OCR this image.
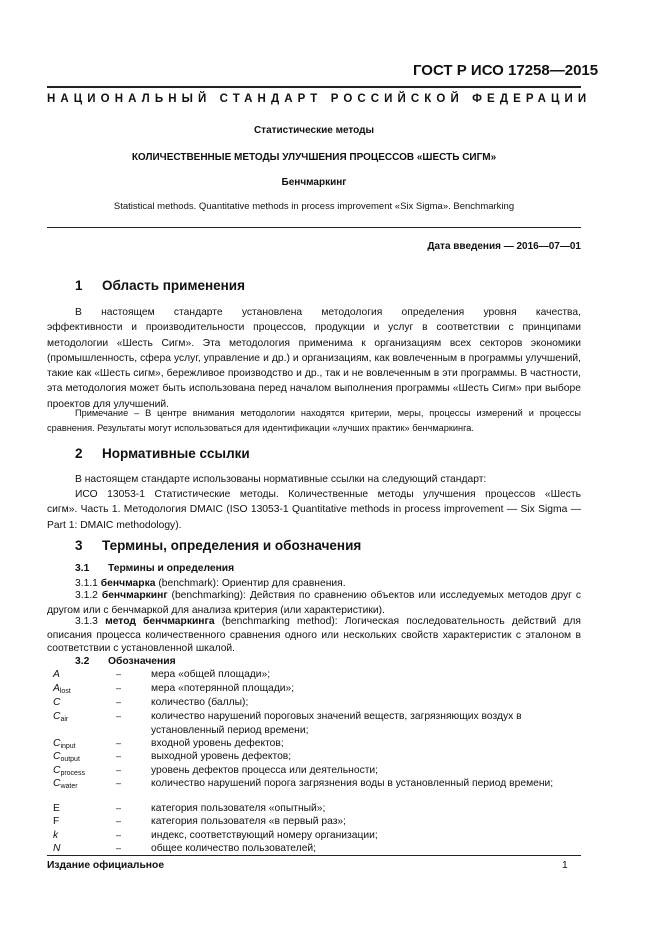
ГОСТ Р ИСО 17258—2015
НАЦИОНАЛЬНЫЙ СТАНДАРТ РОССИЙСКОЙ ФЕДЕРАЦИИ
Статистические методы
КОЛИЧЕСТВЕННЫЕ МЕТОДЫ УЛУЧШЕНИЯ ПРОЦЕССОВ «ШЕСТЬ СИГМ»
Бенчмаркинг
Statistical methods. Quantitative methods in process improvement «Six Sigma». Benchmarking
Дата введения — 2016—07—01
1 Область применения
В настоящем стандарте установлена методология определения уровня качества,
эффективности и производительности процессов, продукции и услуг в соответствии с принципами методологии «Шесть Сигм». Эта методология применима к организациям всех секторов экономики (промышленность, сфера услуг, управление и др.) и организациям, как вовлеченным в программы улучшений, такие как «Шесть сигм», бережливое производство и др., так и не вовлеченным в эти программы. В частности, эта методология может быть использована перед началом выполнения программы «Шесть Сигм» при выборе проектов для улучшений.
Примечание – В центре внимания методологии находятся критерии, меры, процессы измерений и процессы сравнения. Результаты могут использоваться для идентификации «лучших практик» бенчмаркинга.
2 Нормативные ссылки
В настоящем стандарте использованы нормативные ссылки на следующий стандарт:
ИСО 13053-1 Статистические методы. Количественные методы улучшения процессов «Шесть
сигм». Часть 1. Методология DMAIC (ISO 13053-1 Quantitative methods in process improvement — Six Sigma — Part 1: DMAIC methodology).
3 Термины, определения и обозначения
3.1 Термины и определения
3.1.1 бенчмарка (benchmark): Ориентир для сравнения.
3.1.2 бенчмаркинг (benchmarking): Действия по сравнению объектов или исследуемых методов друг с другом или с бенчмаркой для анализа критерия (или характеристики).
3.1.3 метод бенчмаркинга (benchmarking method): Логическая последовательность действий для описания процесса количественного сравнения одного или нескольких свойств характеристик с эталоном в соответствии с установленной шкалой.
3.2 Обозначения
A	–	мера «общей площади»;
$A_{lost}$	–	мера «потерянной площади»;
C	–	количество (баллы);
$C_{air}$	–	количество нарушений пороговых значений веществ, загрязняющих воздух в установленный период времени;
$C_{input}$	–	входной уровень дефектов;
$C_{output}$	–	выходной уровень дефектов;
$C_{process}$	–	уровень дефектов процесса или деятельности;
$C_{water}$	–	количество нарушений порога загрязнения воды в установленный период времени;
E	–	категория пользователя «опытный»;
F	–	категория пользователя «в первый раз»;
k	–	индекс, соответствующий номеру организации;
N	–	общее количество пользователей;
Издание официальное	1
